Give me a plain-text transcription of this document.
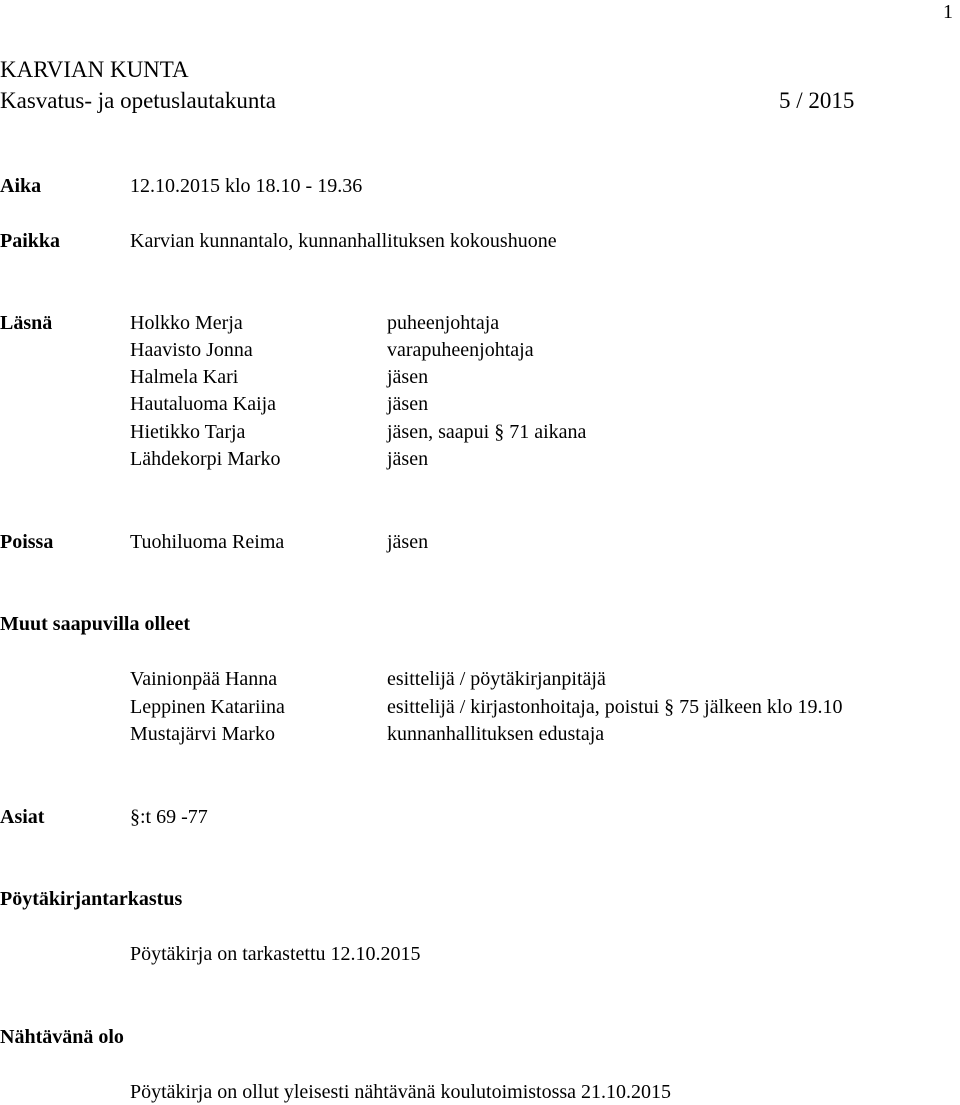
1
KARVIAN KUNTA
Kasvatus- ja opetuslautakunta	5 / 2015
Aika	12.10.2015 klo 18.10 - 19.36
Paikka	Karvian kunnantalo, kunnanhallituksen kokoushuone
Läsnä	Holkko Merja	puheenjohtaja
Haavisto Jonna	varapuheenjohtaja
Halmela Kari	jäsen
Hautaluoma Kaija	jäsen
Hietikko Tarja	jäsen, saapui § 71 aikana
Lähdekorpi Marko	jäsen
Poissa	Tuohiluoma Reima	jäsen
Muut saapuvilla olleet
Vainionpää Hanna	esittelijä / pöytäkirjanpitäjä
Leppinen Katariina	esittelijä / kirjastonhoitaja, poistui § 75 jälkeen klo 19.10
Mustajärvi Marko	kunnanhallituksen edustaja
Asiat	§:t 69 -77
Pöytäkirjantarkastus
Pöytäkirja on tarkastettu 12.10.2015
Nähtävänä olo
Pöytäkirja on ollut yleisesti nähtävänä koulutoimistossa 21.10.2015
